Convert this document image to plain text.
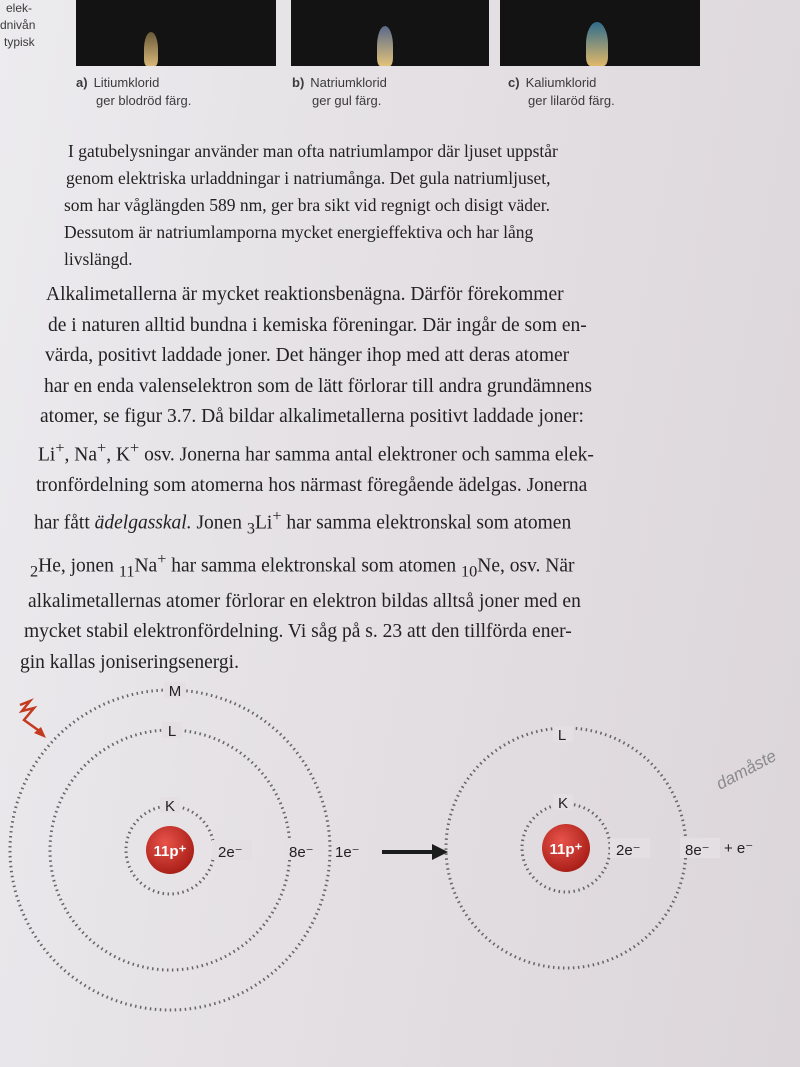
elek-
dnivån
typisk
a) Litiumklorid
ger blodröd färg.
b) Natriumklorid
ger gul färg.
c) Kaliumklorid
ger lilaröd färg.
I gatubelysningar använder man ofta natriumlampor där ljuset uppstår
genom elektriska urladdningar i natriumånga. Det gula natriumljuset,
som har våglängden 589 nm, ger bra sikt vid regnigt och disigt väder.
Dessutom är natriumlamporna mycket energieffektiva och har lång
livslängd.
Alkalimetallerna är mycket reaktionsbenägna. Därför förekommer
de i naturen alltid bundna i kemiska föreningar. Där ingår de som en-
värda, positivt laddade joner. Det hänger ihop med att deras atomer
har en enda valenselektron som de lätt förlorar till andra grundämnens
atomer, se figur 3.7. Då bildar alkalimetallerna positivt laddade joner:
Li+, Na+, K+ osv. Jonerna har samma antal elektroner och samma elek-
tronfördelning som atomerna hos närmast föregående ädelgas. Jonerna
har fått ädelgasskal. Jonen $_3$Li+ har samma elektronskal som atomen
$_2$He, jonen $_{11}$Na+ har samma elektronskal som atomen $_{10}$Ne, osv. När
alkalimetallernas atomer förlorar en elektron bildas alltså joner med en
mycket stabil elektronfördelning. Vi såg på s. 23 att den tillförda ener-
gin kallas joniseringsenergi.
M
L
K
11p⁺ 2e⁻	8e⁻ 1e⁻
L
K
11p⁺ 2e⁻	8e⁻ + e⁻
damåste
